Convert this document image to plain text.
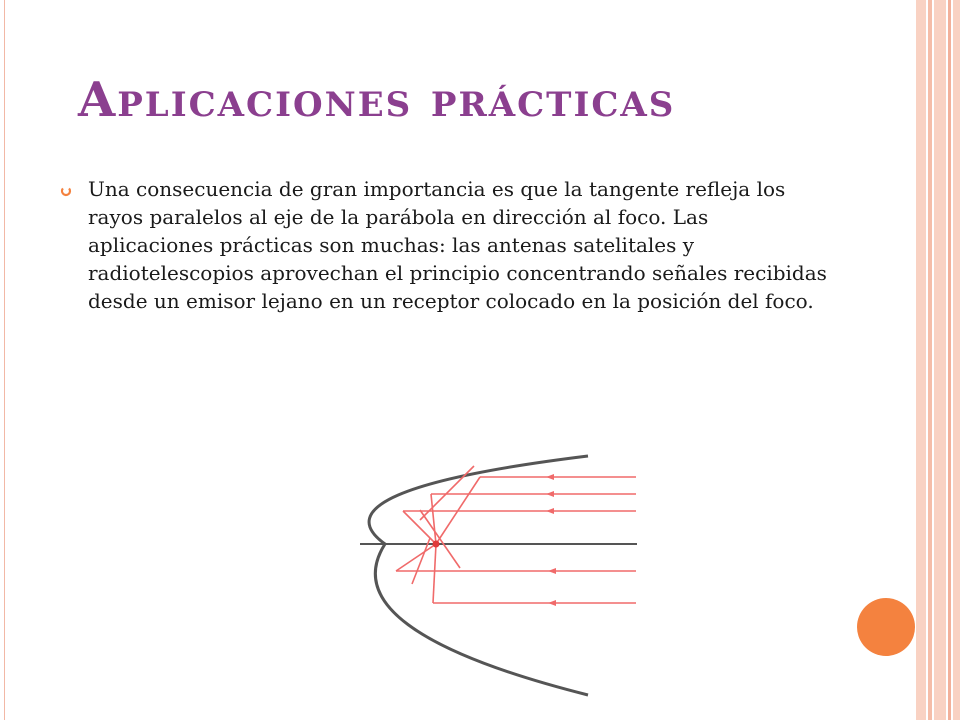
Aplicaciones prácticas

Una consecuencia de gran importancia es que la tangente refleja los rayos paralelos al eje de la parábola en dirección al foco. Las aplicaciones prácticas son muchas: las antenas satelitales y radiotelescopios aprovechan el principio concentrando señales recibidas desde un emisor lejano en un receptor colocado en la posición del foco.
